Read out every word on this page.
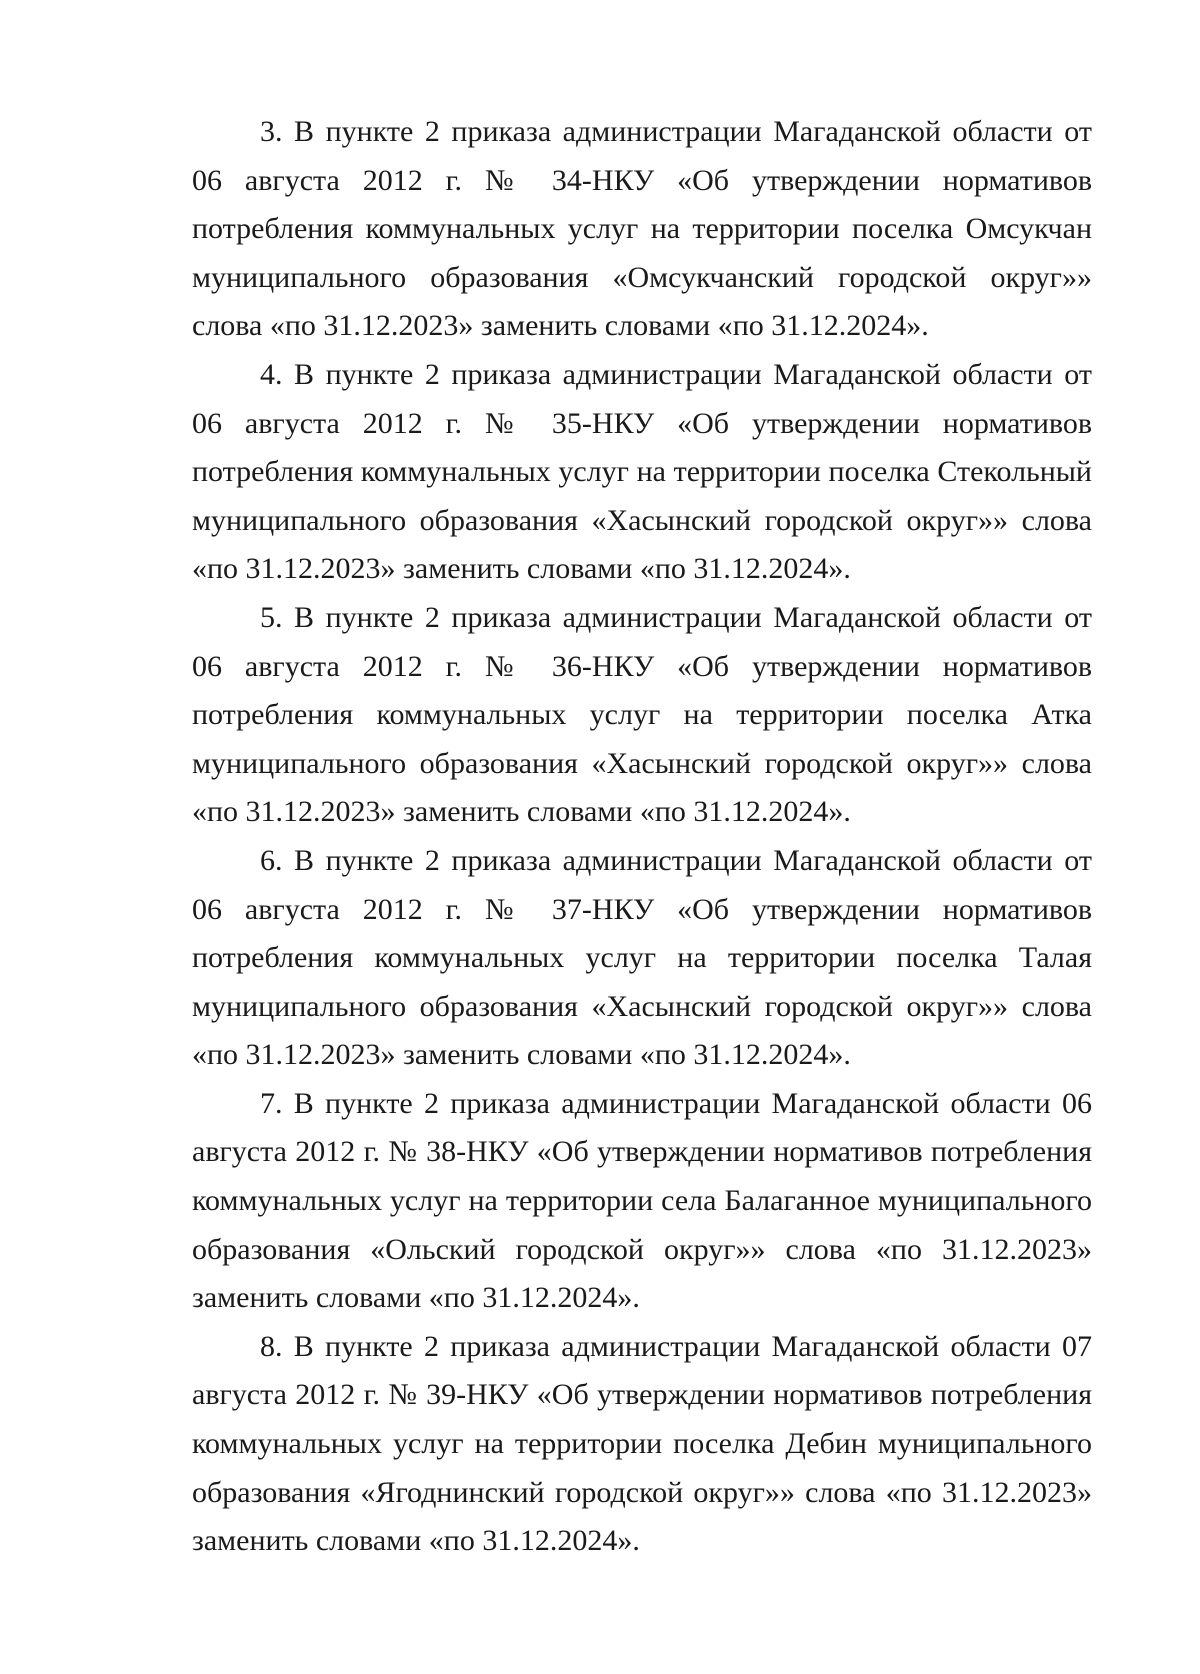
3. В пункте 2 приказа администрации Магаданской области от 06 августа 2012 г. № 34-НКУ «Об утверждении нормативов потребления коммунальных услуг на территории поселка Омсукчан муниципального образования «Омсукчанский городской округ»» слова «по 31.12.2023» заменить словами «по 31.12.2024».

4. В пункте 2 приказа администрации Магаданской области от 06 августа 2012 г. № 35-НКУ «Об утверждении нормативов потребления коммунальных услуг на территории поселка Стекольный муниципального образования «Хасынский городской округ»» слова «по 31.12.2023» заменить словами «по 31.12.2024».

5. В пункте 2 приказа администрации Магаданской области от 06 августа 2012 г. № 36-НКУ «Об утверждении нормативов потребления коммунальных услуг на территории поселка Атка муниципального образования «Хасынский городской округ»» слова «по 31.12.2023» заменить словами «по 31.12.2024».

6. В пункте 2 приказа администрации Магаданской области от 06 августа 2012 г. № 37-НКУ «Об утверждении нормативов потребления коммунальных услуг на территории поселка Талая муниципального образования «Хасынский городской округ»» слова «по 31.12.2023» заменить словами «по 31.12.2024».

7. В пункте 2 приказа администрации Магаданской области 06 августа 2012 г. № 38-НКУ «Об утверждении нормативов потребления коммунальных услуг на территории села Балаганное муниципального образования «Ольский городской округ»» слова «по 31.12.2023» заменить словами «по 31.12.2024».

8. В пункте 2 приказа администрации Магаданской области 07 августа 2012 г. № 39-НКУ «Об утверждении нормативов потребления коммунальных услуг на территории поселка Дебин муниципального образования «Ягоднинский городской округ»» слова «по 31.12.2023» заменить словами «по 31.12.2024».
